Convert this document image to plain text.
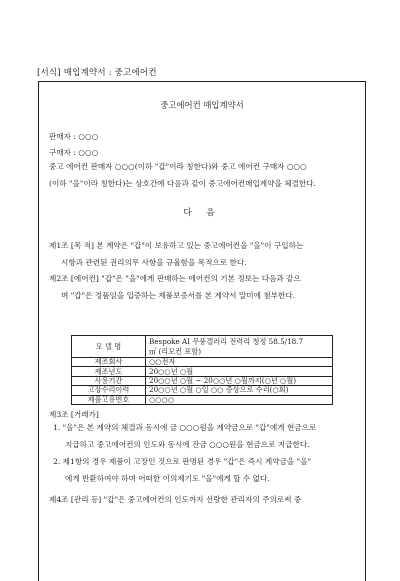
[서식] 매입계약서 : 중고에어컨
중고에어컨 매입계약서
판매자 : ○○○
구매자 : ○○○
중고 에어컨 판매자 ○○○(이하 "갑"이라 칭한다)와 중고 에어컨 구매자 ○○○
(이하 "을"이라 칭한다)는 상호간에 다음과 같이 중고에어컨매입계약을 체결한다.
다 음
제1조 [목 적] 본 계약은 "갑"이 보유하고 있는 중고에어컨을 "을"이 구입하는
시항과 관련된 권리의무 사항을 규율함을 목적으로 한다.
제2조 [에어컨] "갑"은 "을"에게 판매하는 에어컨의 기본 정보는 다음과 같으
며 "갑"은 정품임을 입증하는 제품보증서를 본 계약서 말미에 첨부한다.
모 델 명	Bespoke AI 무풍갤러리 전력리 청정 58.5/18.7
㎡ (리모컨 포함)
제조회사	○○전자
제조년도	20○○년 ○월
사용기간	20○○년 ○월 ~ 20○○년 ○월까지(○년 ○월)
고장수리이력	20○○년 ○월 ○일 ○○ 증상으로 수리(○회)
제품고유번호	○○○○
제3조 [거래가]
1. "을"은 본 계약의 체결과 동시에 금 ○○○원을 계약금으로 "갑"에게 현금으로
지급하고 중고에어컨의 인도와 동시에 잔금 ○○○원을 현금으로 지급한다.
2. 제1항의 경우 제품이 고장인 것으로 판명된 경우 "갑"은 즉시 계약금을 "을"
에게 반환하여야 하며 어떠한 이의제기도 "을"에게 할 수 없다.
제4조 [관리 등] "갑"은 중고에어컨의 인도까지 선량한 관리자의 주의로써 중
